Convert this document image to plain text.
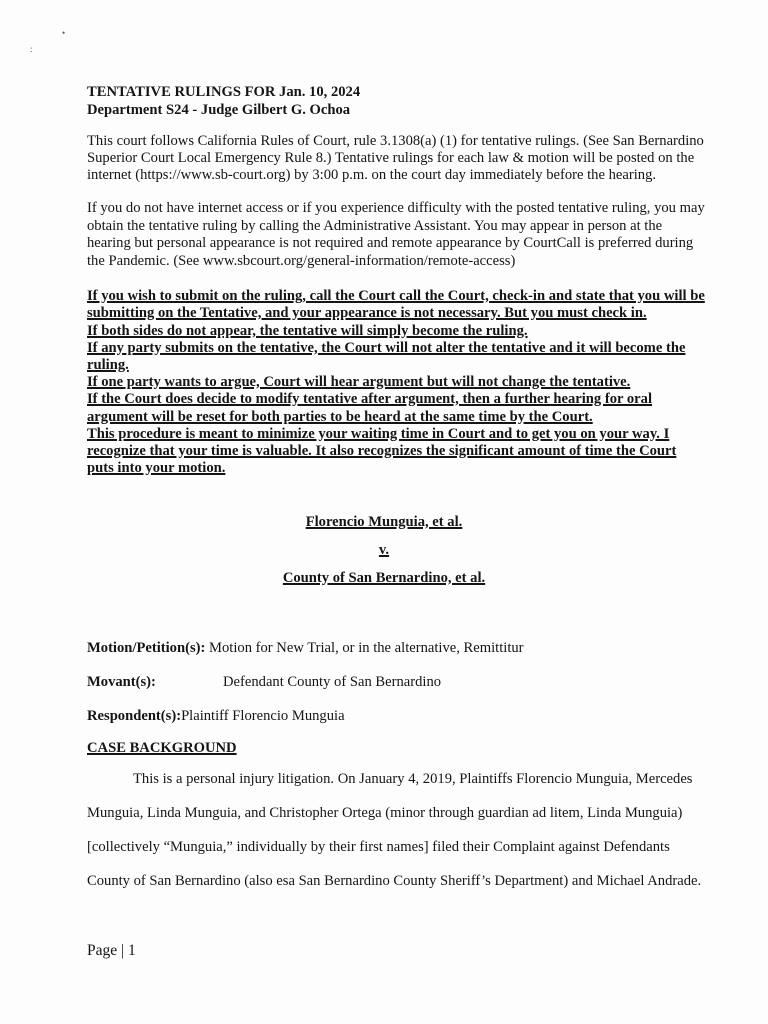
•
:
TENTATIVE RULINGS FOR Jan. 10, 2024
Department S24 - Judge Gilbert G. Ochoa
This court follows California Rules of Court, rule 3.1308(a) (1) for tentative rulings. (See San Bernardino
Superior Court Local Emergency Rule 8.) Tentative rulings for each law & motion will be posted on the
internet (https://www.sb-court.org) by 3:00 p.m. on the court day immediately before the hearing.
If you do not have internet access or if you experience difficulty with the posted tentative ruling, you may
obtain the tentative ruling by calling the Administrative Assistant. You may appear in person at the
hearing but personal appearance is not required and remote appearance by CourtCall is preferred during
the Pandemic. (See www.sbcourt.org/general-information/remote-access)
If you wish to submit on the ruling, call the Court call the Court, check-in and state that you will be
submitting on the Tentative, and your appearance is not necessary. But you must check in.
If both sides do not appear, the tentative will simply become the ruling.
If any party submits on the tentative, the Court will not alter the tentative and it will become the
ruling.
If one party wants to argue, Court will hear argument but will not change the tentative.
If the Court does decide to modify tentative after argument, then a further hearing for oral
argument will be reset for both parties to be heard at the same time by the Court.
This procedure is meant to minimize your waiting time in Court and to get you on your way. I
recognize that your time is valuable. It also recognizes the significant amount of time the Court
puts into your motion.
Florencio Munguia, et al.
v.
County of San Bernardino, et al.
Motion/Petition(s): Motion for New Trial, or in the alternative, Remittitur
Movant(s):	Defendant County of San Bernardino
Respondent(s):Plaintiff Florencio Munguia
CASE BACKGROUND
This is a personal injury litigation. On January 4, 2019, Plaintiffs Florencio Munguia, Mercedes
Munguia, Linda Munguia, and Christopher Ortega (minor through guardian ad litem, Linda Munguia)
[collectively “Munguia,” individually by their first names] filed their Complaint against Defendants
County of San Bernardino (also esa San Bernardino County Sheriff’s Department) and Michael Andrade.
Page | 1
